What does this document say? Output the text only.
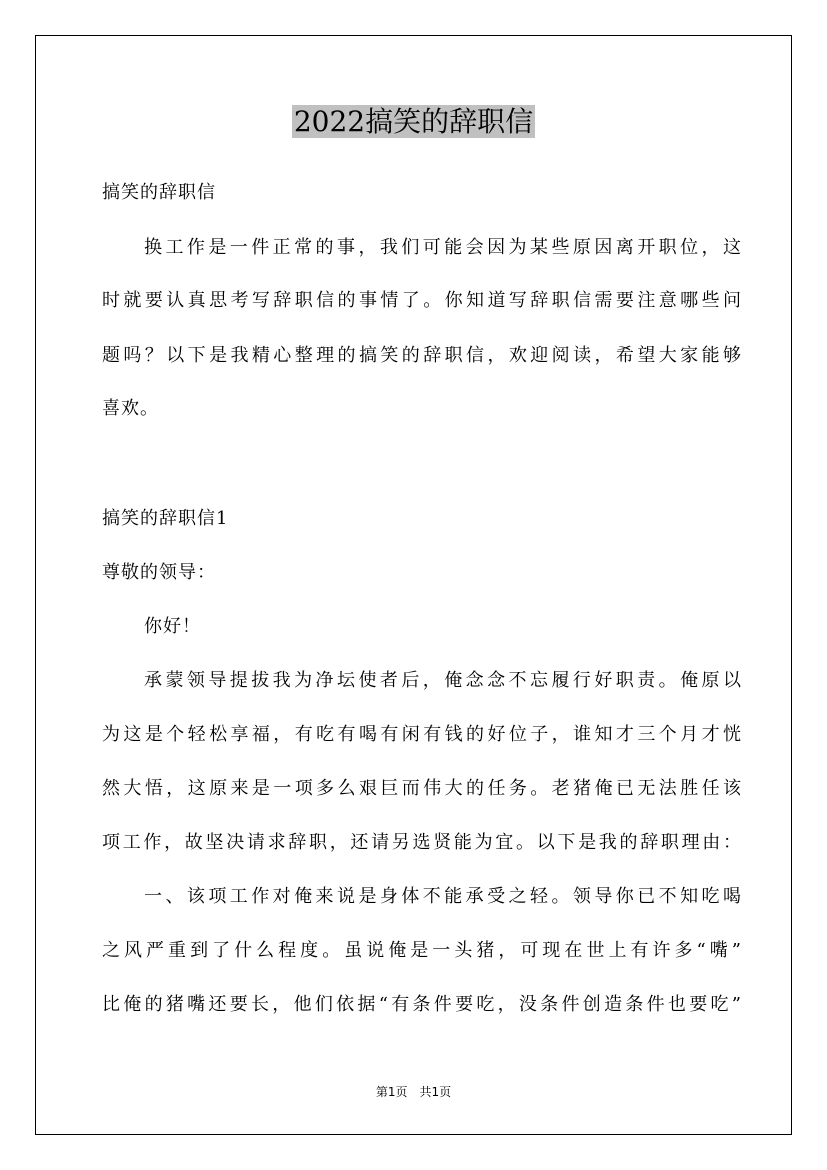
2022搞笑的辞职信
搞笑的辞职信
换工作是一件正常的事，我们可能会因为某些原因离开职位，这
时就要认真思考写辞职信的事情了。你知道写辞职信需要注意哪些问
题吗？以下是我精心整理的搞笑的辞职信，欢迎阅读，希望大家能够
喜欢。
搞笑的辞职信1
尊敬的领导：
你好！
承蒙领导提拔我为净坛使者后，俺念念不忘履行好职责。俺原以
为这是个轻松享福，有吃有喝有闲有钱的好位子，谁知才三个月才恍
然大悟，这原来是一项多么艰巨而伟大的任务。老猪俺已无法胜任该
项工作，故坚决请求辞职，还请另选贤能为宜。以下是我的辞职理由：
一、该项工作对俺来说是身体不能承受之轻。领导你已不知吃喝
之风严重到了什么程度。虽说俺是一头猪，可现在世上有许多“嘴”
比俺的猪嘴还要长，他们依据“有条件要吃，没条件创造条件也要吃”
第1页 共1页
